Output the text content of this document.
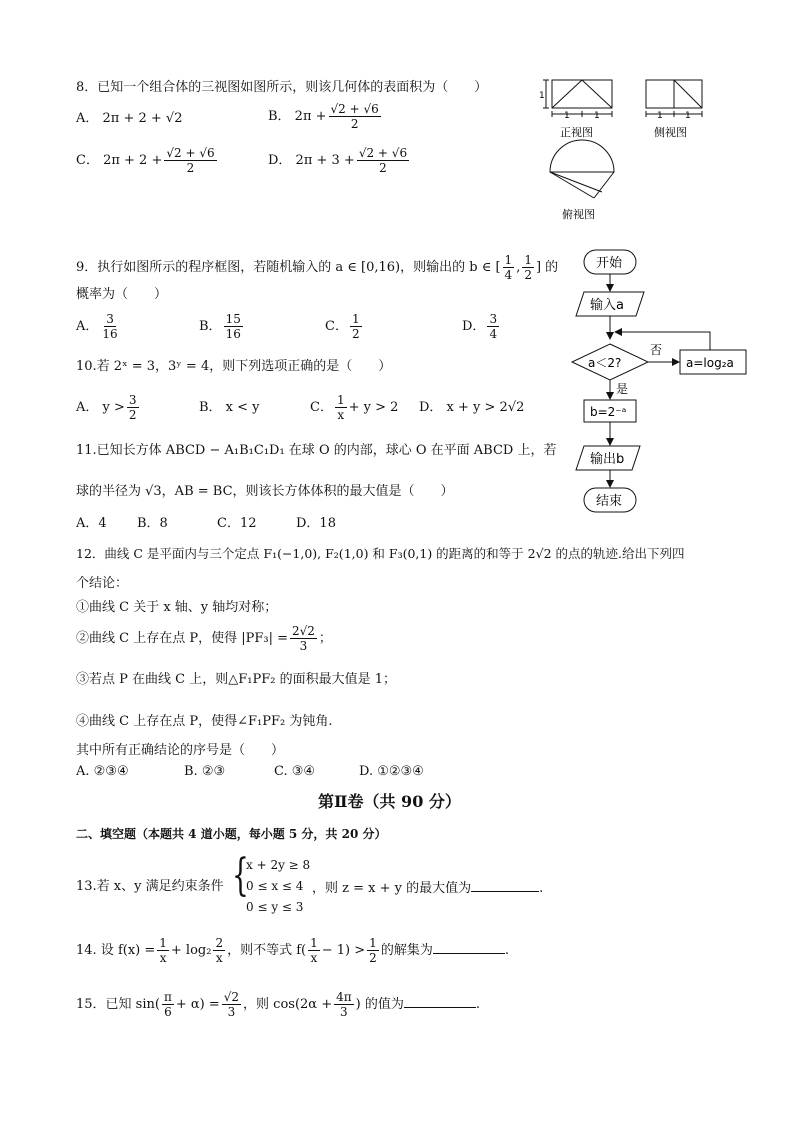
8．已知一个组合体的三视图如图所示，则该几何体的表面积为（　　）
A． 2π + 2 + √2	B． $2\pi + \frac{√2 + √6}{2}$
C． $2\pi + 2 + \frac{√2 + √6}{2}$	D． $2\pi + 3 + \frac{√2 + √6}{2}$
1
1	1
正视图
1 1
侧视图
俯视图
9．执行如图所示的程序框图，若随机输入的 a ∈ [0,16)，则输出的 b ∈ [ $\frac{1}{4}$ , $\frac{1}{2}$ ] 的
概率为（　　）
A． $\frac{3}{16}$	B． $\frac{15}{16}$	C． $\frac{1}{2}$	D． $\frac{3}{4}$
开始
输入a
a＜2?
否
a=log₂a
是
b=2⁻ᵃ
输出b
结束
10.若 2ˣ = 3，3ʸ = 4，则下列选项正确的是（　　）
A． $y > \frac{3}{2}$	B． x < y	C． $\frac{1}{x} + y > 2$ D． x + y > 2√2
11.已知长方体 ABCD − A₁B₁C₁D₁ 在球 O 的内部，球心 O 在平面 ABCD 上，若
球的半径为 √3，AB = BC，则该长方体体积的最大值是（　　）
A．4 B．8	C．12	D．18
12．曲线 C 是平面内与三个定点 F₁(−1,0), F₂(1,0) 和 F₃(0,1) 的距离的和等于 2√2 的点的轨迹.给出下列四
个结论：
①曲线 C 关于 x 轴、y 轴均对称；
②曲线 C 上存在点 P，使得 $|PF_3| = \frac{2√2}{3}$ ；
③若点 P 在曲线 C 上，则△F₁PF₂ 的面积最大值是 1；
④曲线 C 上存在点 P，使得∠F₁PF₂ 为钝角.
其中所有正确结论的序号是（　　）
A. ②③④	B. ②③	C. ③④	D. ①②③④
第Ⅱ卷（共 90 分）
二、填空题（本题共 4 道小题，每小题 5 分，共 20 分）
13.若 x、y 满足约束条件 {
x + 2y ≥ 8
0 ≤ x ≤ 4
0 ≤ y ≤ 3
，则 z = x + y 的最大值为	.
14. 设 $f(x) = \frac{1}{x} + \log_2 \frac{2}{x}$ ，则不等式 $f( \frac{1}{x} - 1) > \frac{1}{2}$ 的解集为	.
15．已知 $\sin( \frac{\pi}{6} + \alpha) = \frac{√2}{3}$ ，则 $\cos(2\alpha + \frac{4\pi}{3}$ ) 的值为	.
